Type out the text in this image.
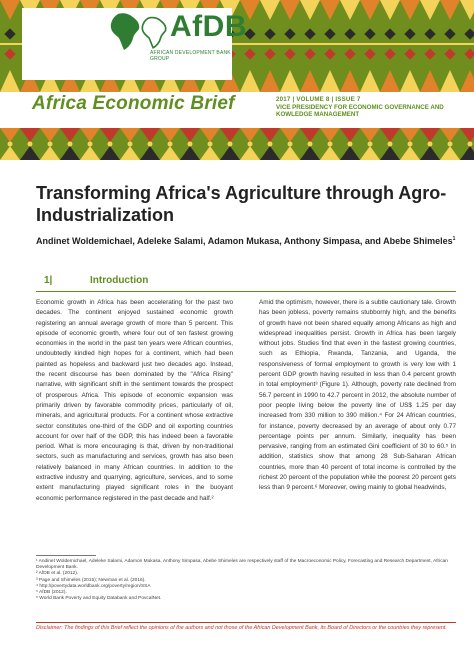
AfDB
AFRICAN DEVELOPMENT BANK GROUP
Africa Economic Brief	2017 | VOLUME 8 | ISSUE 7
VICE PRESIDENCY FOR ECONOMIC GOVERNANCE AND KOWLEDGE MANAGEMENT
Transforming Africa's Agriculture through Agro-Industrialization
Andinet Woldemichael, Adeleke Salami, Adamon Mukasa, Anthony Simpasa, and Abebe Shimeles$^1$
1|	Introduction
Economic growth in Africa has been accelerating for the past two decades. The continent enjoyed sustained economic growth registering an annual average growth of more than 5 percent. This episode of economic growth, where four out of ten fastest growing economies in the world in the past ten years were African countries, undoubtedly kindled high hopes for a continent, which had been painted as hopeless and backward just two decades ago. Instead, the recent discourse has been dominated by the "Africa Rising" narrative, with significant shift in the sentiment towards the prospect of prosperous Africa. This episode of economic expansion was primarily driven by favorable commodity prices, particularly of oil, minerals, and agricultural products. For a continent whose extractive sector constitutes one-third of the GDP and oil exporting countries account for over half of the GDP, this has indeed been a favorable period. What is more encouraging is that, driven by non-traditional sectors, such as manufacturing and services, growth has also been relatively balanced in many African countries. In addition to the extractive industry and quarrying, agriculture, services, and to some extent manufacturing played significant roles in the buoyant economic performance registered in the past decade and half.²
Amid the optimism, however, there is a subtle cautionary tale. Growth has been jobless, poverty remains stubbornly high, and the benefits of growth have not been shared equally among Africans as high and widespread inequalities persist. Growth in Africa has been largely without jobs. Studies find that even in the fastest growing countries, such as Ethiopia, Rwanda, Tanzania, and Uganda, the responsiveness of formal employment to growth is very low with 1 percent GDP growth having resulted in less than 0.4 percent growth in total employment³ (Figure 1). Although, poverty rate declined from 56.7 percent in 1990 to 42.7 percent in 2012, the absolute number of poor people living below the poverty line of US$ 1.25 per day increased from 330 million to 390 million.⁴ For 24 African countries, for instance, poverty decreased by an average of about only 0.77 percentage points per annum. Similarly, inequality has been pervasive, ranging from an estimated Gini coefficient of 30 to 60.⁵ In addition, statistics show that among 28 Sub-Saharan African countries, more than 40 percent of total income is controlled by the richest 20 percent of the population while the poorest 20 percent gets less than 9 percent.⁶ Moreover, owing mainly to global headwinds,
¹ Andinet Woldemichael, Adeleke Salami, Adamon Mukasa, Anthony Simpasa, Abebe Shimeles are respectively staff of the Macroeconomic Policy, Forecasting and Research Department, African Development Bank.
² AfDB et al. (2012).
³ Page and Shimeles (2015); Newman et al. (2016).
⁴ http://povertydata.worldbank.org/poverty/region/SSA
⁵ AfDB (2012).
⁶ World Bank Poverty and Equity Databank and PovcalNet.
Disclaimer: The findings of this Brief reflect the opinions of the authors and not those of the African Development Bank, its Board of Directors or the countries they represent.
